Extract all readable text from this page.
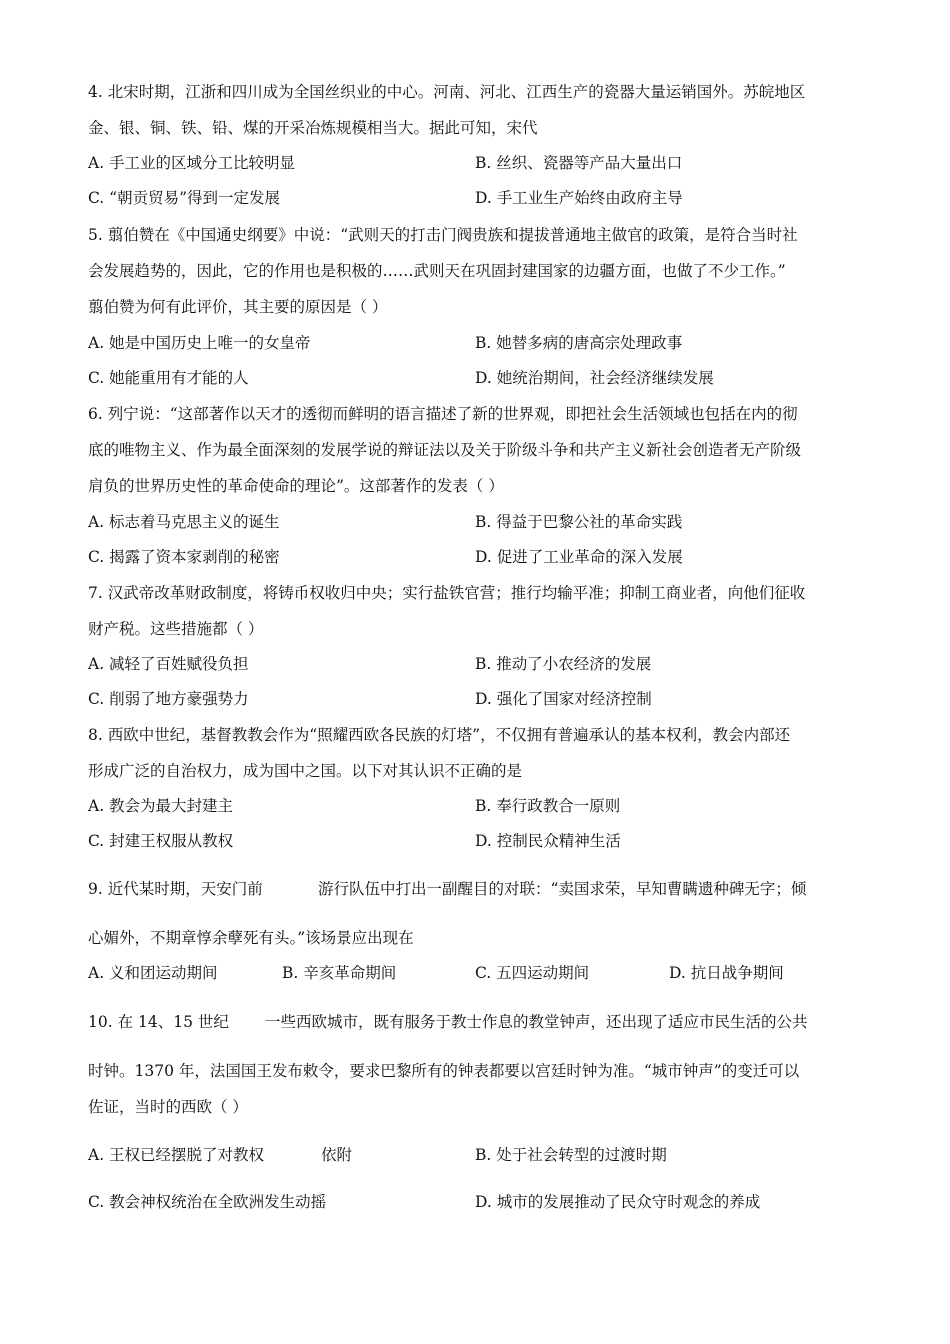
4. 北宋时期，江浙和四川成为全国丝织业的中心。河南、河北、江西生产的瓷器大量运销国外。苏皖地区
金、银、铜、铁、铅、煤的开采冶炼规模相当大。据此可知，宋代
A. 手工业的区域分工比较明显	B. 丝织、瓷器等产品大量出口
C. “朝贡贸易”得到一定发展	D. 手工业生产始终由政府主导
5. 翦伯赞在《中国通史纲要》中说：“武则天的打击门阀贵族和提拔普通地主做官的政策，是符合当时社
会发展趋势的，因此，它的作用也是积极的……武则天在巩固封建国家的边疆方面，也做了不少工作。”
翦伯赞为何有此评价，其主要的原因是（ ）
A. 她是中国历史上唯一的女皇帝	B. 她替多病的唐高宗处理政事
C. 她能重用有才能的人	D. 她统治期间，社会经济继续发展
6. 列宁说：“这部著作以天才的透彻而鲜明的语言描述了新的世界观，即把社会生活领域也包括在内的彻
底的唯物主义、作为最全面深刻的发展学说的辩证法以及关于阶级斗争和共产主义新社会创造者无产阶级
肩负的世界历史性的革命使命的理论”。这部著作的发表（ ）
A. 标志着马克思主义的诞生	B. 得益于巴黎公社的革命实践
C. 揭露了资本家剥削的秘密	D. 促进了工业革命的深入发展
7. 汉武帝改革财政制度，将铸币权收归中央；实行盐铁官营；推行均输平准；抑制工商业者，向他们征收
财产税。这些措施都（ ）
A. 减轻了百姓赋役负担	B. 推动了小农经济的发展
C. 削弱了地方豪强势力	D. 强化了国家对经济控制
8. 西欧中世纪，基督教教会作为“照耀西欧各民族的灯塔”，不仅拥有普遍承认的基本权利，教会内部还
形成广泛的自治权力，成为国中之国。以下对其认识不正确的是
A. 教会为最大封建主	B. 奉行政教合一原则
C. 封建王权服从教权	D. 控制民众精神生活
9. 近代某时期，天安门前	游行队伍中打出一副醒目的对联：“卖国求荣，早知曹瞒遗种碑无字；倾
心媚外，不期章惇余孽死有头。”该场景应出现在
A. 义和团运动期间	B. 辛亥革命期间	C. 五四运动期间	D. 抗日战争期间
10. 在 14、15 世纪 一些西欧城市，既有服务于教士作息的教堂钟声，还出现了适应市民生活的公共
时钟。1370 年，法国国王发布敕令，要求巴黎所有的钟表都要以宫廷时钟为准。“城市钟声”的变迁可以
佐证，当时的西欧（ ）
A. 王权已经摆脱了对教权	依附	B. 处于社会转型的过渡时期
C. 教会神权统治在全欧洲发生动摇	D. 城市的发展推动了民众守时观念的养成
